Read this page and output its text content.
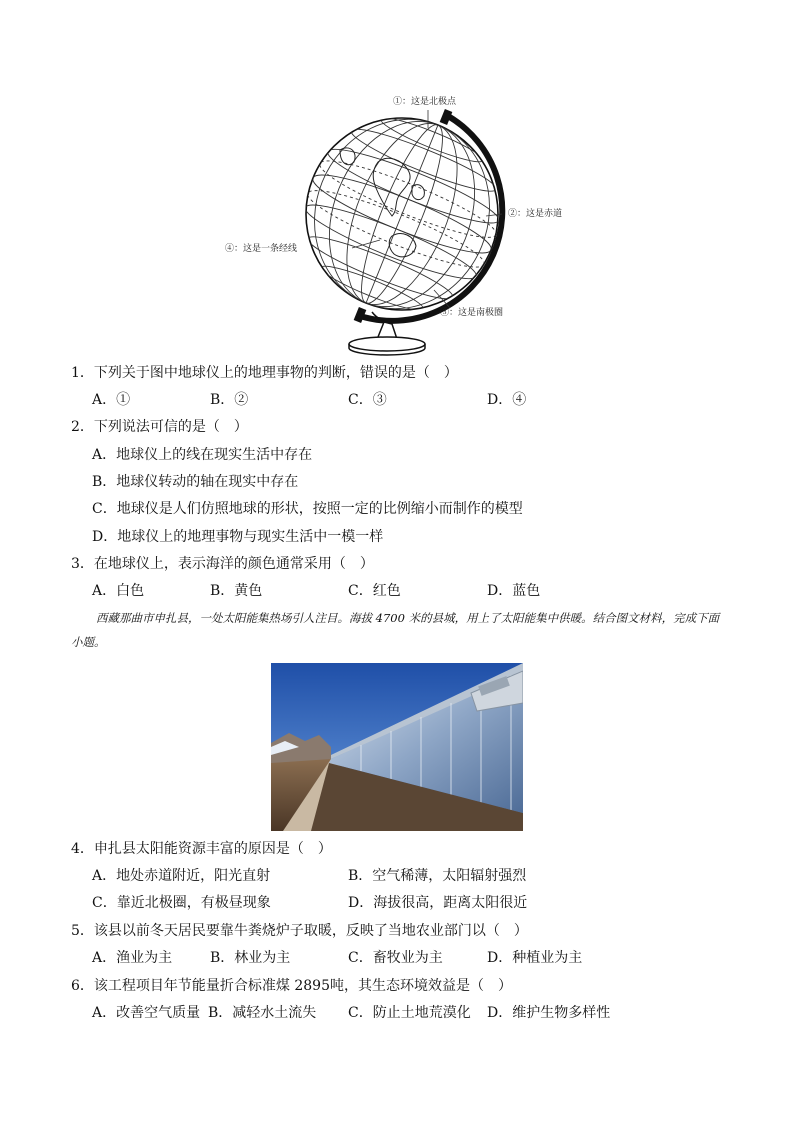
①：这是北极点
②：这是赤道
④：这是一条经线
③：这是南极圈
1．下列关于图中地球仪上的地理事物的判断，错误的是（　）
A．①	B．②	C．③	D．④
2．下列说法可信的是（　）
A．地球仪上的线在现实生活中存在
B．地球仪转动的轴在现实中存在
C．地球仪是人们仿照地球的形状，按照一定的比例缩小而制作的模型
D．地球仪上的地理事物与现实生活中一模一样
3．在地球仪上，表示海洋的颜色通常采用（　）
A．白色	B．黄色	C．红色	D．蓝色
西藏那曲市申扎县，一处太阳能集热场引人注目。海拔 4700 米的县城，用上了太阳能集中供暖。结合图文材料，完成下面小题。
4．申扎县太阳能资源丰富的原因是（　）
A．地处赤道附近，阳光直射	B．空气稀薄，太阳辐射强烈
C．靠近北极圈，有极昼现象	D．海拔很高，距离太阳很近
5．该县以前冬天居民要靠牛粪烧炉子取暖，反映了当地农业部门以（　）
A．渔业为主	B．林业为主	C．畜牧业为主	D．种植业为主
6．该工程项目年节能量折合标准煤 2895吨，其生态环境效益是（　）
A．改善空气质量 B．减轻水土流失 C．防止土地荒漠化 D．维护生物多样性
